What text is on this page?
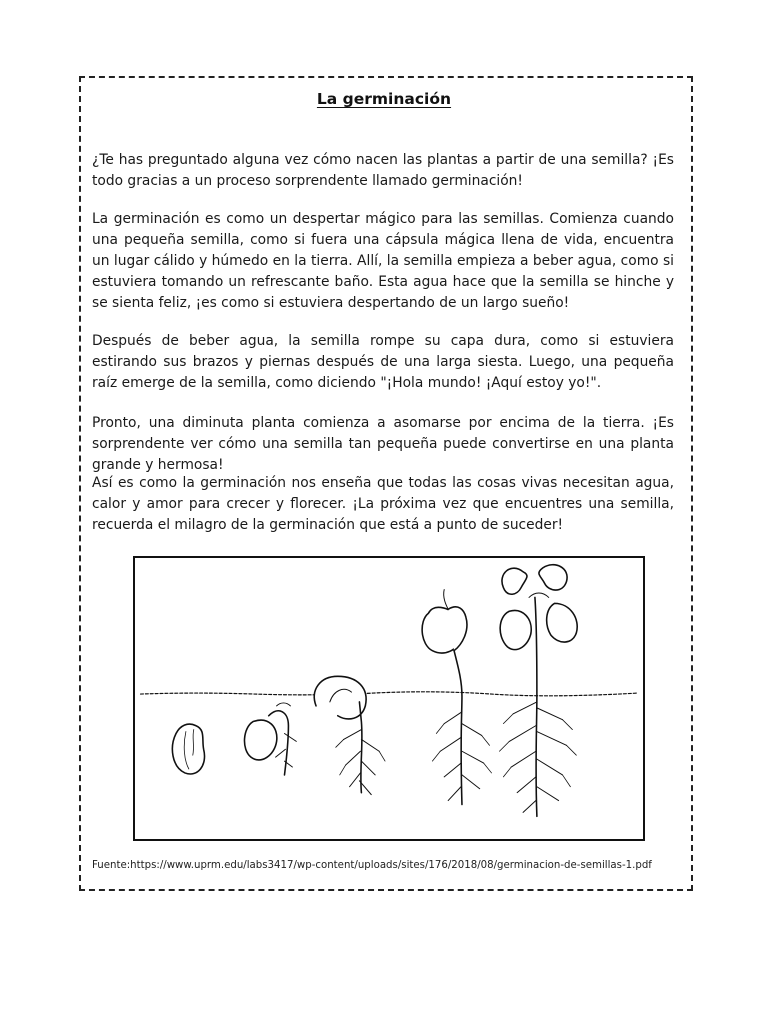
La germinación

¿Te has preguntado alguna vez cómo nacen las plantas a partir de una semilla? ¡Es todo gracias a un proceso sorprendente llamado germinación!

La germinación es como un despertar mágico para las semillas. Comienza cuando una pequeña semilla, como si fuera una cápsula mágica llena de vida, encuentra un lugar cálido y húmedo en la tierra. Allí, la semilla empieza a beber agua, como si estuviera tomando un refrescante baño. Esta agua hace que la semilla se hinche y se sienta feliz, ¡es como si estuviera despertando de un largo sueño!

Después de beber agua, la semilla rompe su capa dura, como si estuviera estirando sus brazos y piernas después de una larga siesta. Luego, una pequeña raíz emerge de la semilla, como diciendo "¡Hola mundo! ¡Aquí estoy yo!".

Pronto, una diminuta planta comienza a asomarse por encima de la tierra. ¡Es sorprendente ver cómo una semilla tan pequeña puede convertirse en una planta grande y hermosa!

Así es como la germinación nos enseña que todas las cosas vivas necesitan agua, calor y amor para crecer y florecer. ¡La próxima vez que encuentres una semilla, recuerda el milagro de la germinación que está a punto de suceder!

Fuente:https://www.uprm.edu/labs3417/wp-content/uploads/sites/176/2018/08/germinacion-de-semillas-1.pdf
